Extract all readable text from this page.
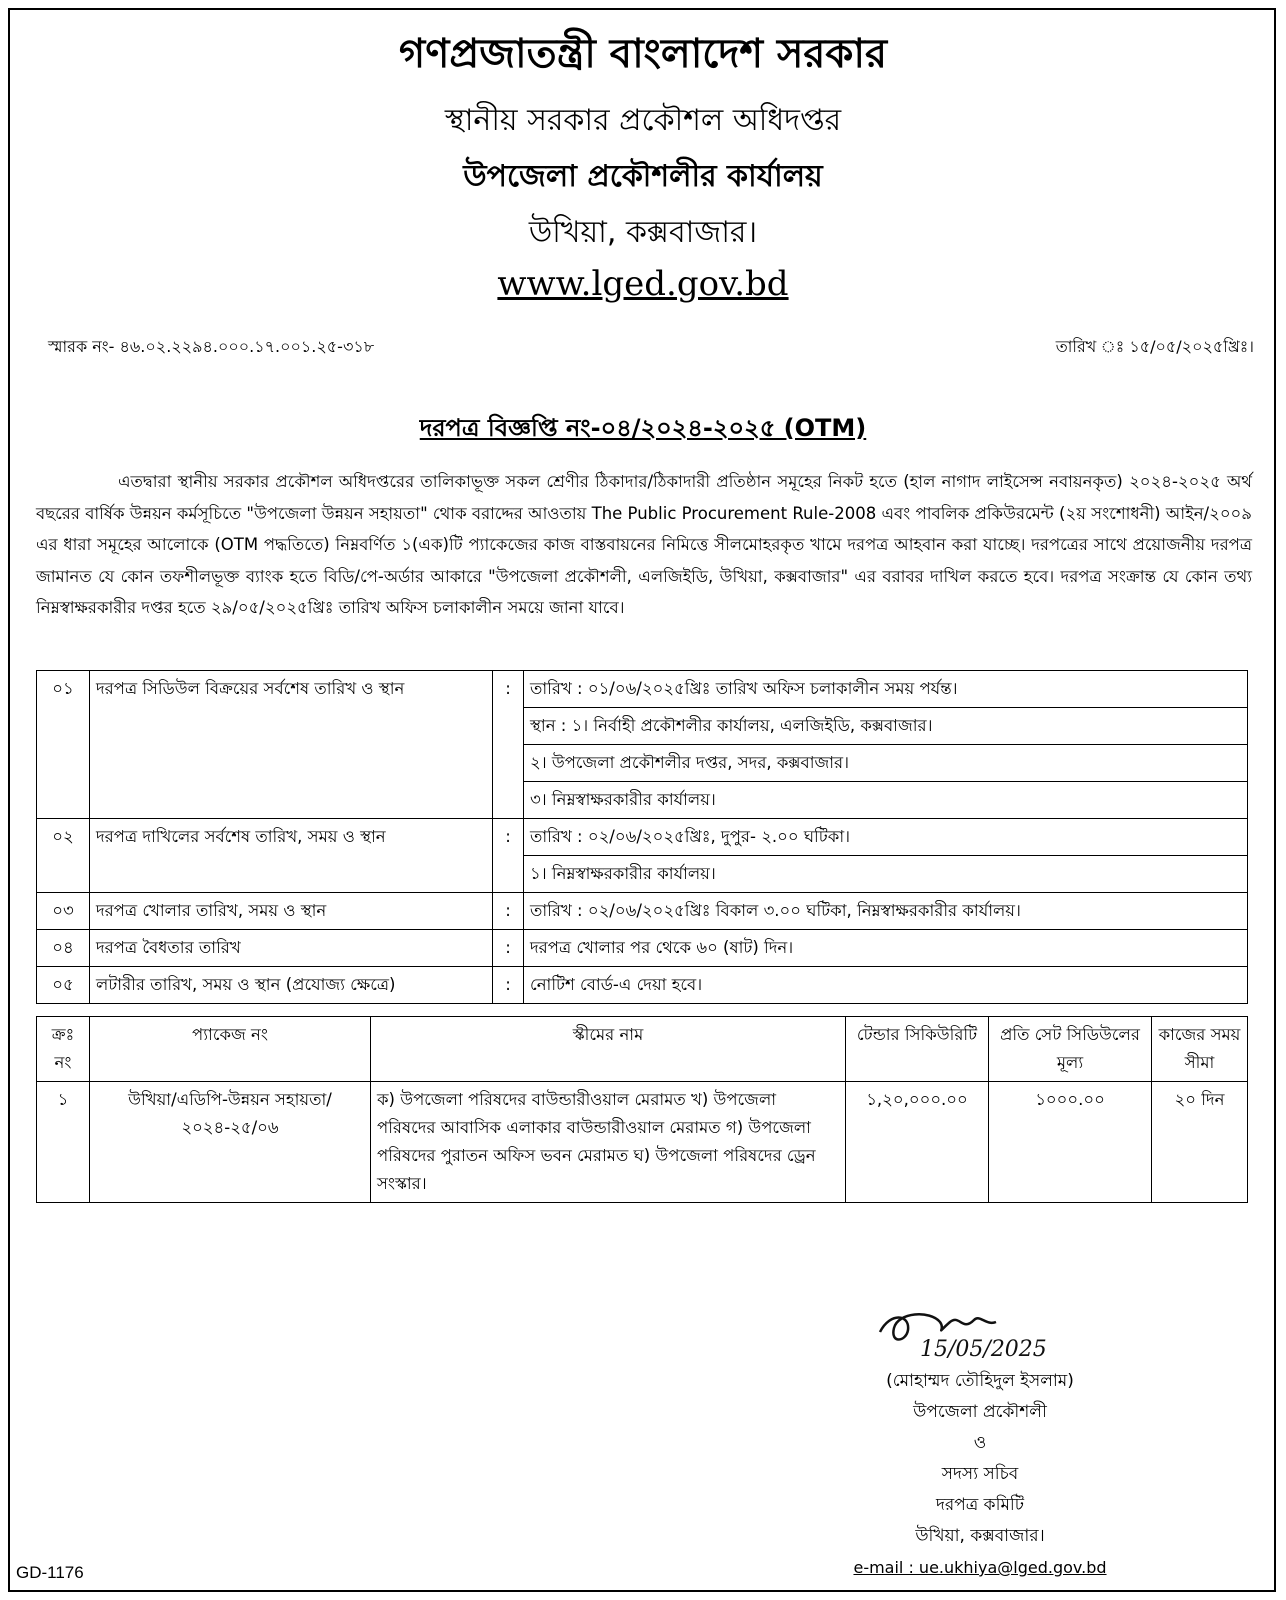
গণপ্রজাতন্ত্রী বাংলাদেশ সরকার
স্থানীয় সরকার প্রকৌশল অধিদপ্তর
উপজেলা প্রকৌশলীর কার্যালয়
উখিয়া, কক্সবাজার।
www.lged.gov.bd
স্মারক নং- ৪৬.০২.২২৯৪.০০০.১৭.০০১.২৫-৩১৮	তারিখ ঃ ১৫/০৫/২০২৫খ্রিঃ।
দরপত্র বিজ্ঞপ্তি নং-০৪/২০২৪-২০২৫ (OTM)
এতদ্বারা স্থানীয় সরকার প্রকৌশল অধিদপ্তরের তালিকাভূক্ত সকল শ্রেণীর ঠিকাদার/ঠিকাদারী প্রতিষ্ঠান সমূহের নিকট হতে (হাল নাগাদ লাইসেন্স নবায়নকৃত) ২০২৪-২০২৫ অর্থ বছরের বার্ষিক উন্নয়ন কর্মসূচিতে "উপজেলা উন্নয়ন সহায়তা" থোক বরাদ্দের আওতায় The Public Procurement Rule-2008 এবং পাবলিক প্রকিউরমেন্ট (২য় সংশোধনী) আইন/২০০৯ এর ধারা সমূহের আলোকে (OTM পদ্ধতিতে) নিম্নবর্ণিত ১(এক)টি প্যাকেজের কাজ বাস্তবায়নের নিমিত্তে সীলমোহরকৃত খামে দরপত্র আহবান করা যাচ্ছে। দরপত্রের সাথে প্রয়োজনীয় দরপত্র জামানত যে কোন তফশীলভূক্ত ব্যাংক হতে বিডি/পে-অর্ডার আকারে "উপজেলা প্রকৌশলী, এলজিইডি, উখিয়া, কক্সবাজার" এর বরাবর দাখিল করতে হবে। দরপত্র সংক্রান্ত যে কোন তথ্য নিম্নস্বাক্ষরকারীর দপ্তর হতে ২৯/০৫/২০২৫খ্রিঃ তারিখ অফিস চলাকালীন সময়ে জানা যাবে।
০১	দরপত্র সিডিউল বিক্রয়ের সর্বশেষ তারিখ ও স্থান	:	তারিখ : ০১/০৬/২০২৫খ্রিঃ তারিখ অফিস চলাকালীন সময় পর্যন্ত।
			স্থান : ১। নির্বাহী প্রকৌশলীর কার্যালয়, এলজিইডি, কক্সবাজার।
			২। উপজেলা প্রকৌশলীর দপ্তর, সদর, কক্সবাজার।
			৩। নিম্নস্বাক্ষরকারীর কার্যালয়।
০২	দরপত্র দাখিলের সর্বশেষ তারিখ, সময় ও স্থান	:	তারিখ : ০২/০৬/২০২৫খ্রিঃ, দুপুর- ২.০০ ঘটিকা।
			১। নিম্নস্বাক্ষরকারীর কার্যালয়।
০৩	দরপত্র খোলার তারিখ, সময় ও স্থান	:	তারিখ : ০২/০৬/২০২৫খ্রিঃ বিকাল ৩.০০ ঘটিকা, নিম্নস্বাক্ষরকারীর কার্যালয়।
০৪	দরপত্র বৈধতার তারিখ	:	দরপত্র খোলার পর থেকে ৬০ (ষাট) দিন।
০৫	লটারীর তারিখ, সময় ও স্থান (প্রযোজ্য ক্ষেত্রে)	:	নোটিশ বোর্ড-এ দেয়া হবে।
ক্রঃ নং	প্যাকেজ নং	স্কীমের নাম	টেন্ডার সিকিউরিটি	প্রতি সেট সিডিউলের মূল্য	কাজের সময় সীমা
১	উখিয়া/এডিপি-উন্নয়ন সহায়তা/২০২৪-২৫/০৬	ক) উপজেলা পরিষদের বাউন্ডারীওয়াল মেরামত খ) উপজেলা পরিষদের আবাসিক এলাকার বাউন্ডারীওয়াল মেরামত গ) উপজেলা পরিষদের পুরাতন অফিস ভবন মেরামত ঘ) উপজেলা পরিষদের ড্রেন সংস্কার।	১,২০,০০০.০০	১০০০.০০	২০ দিন
15/05/2025
(মোহাম্মদ তৌহিদুল ইসলাম)
উপজেলা প্রকৌশলী
ও
সদস্য সচিব
দরপত্র কমিটি
উখিয়া, কক্সবাজার।
e-mail : ue.ukhiya@lged.gov.bd
GD-1176
